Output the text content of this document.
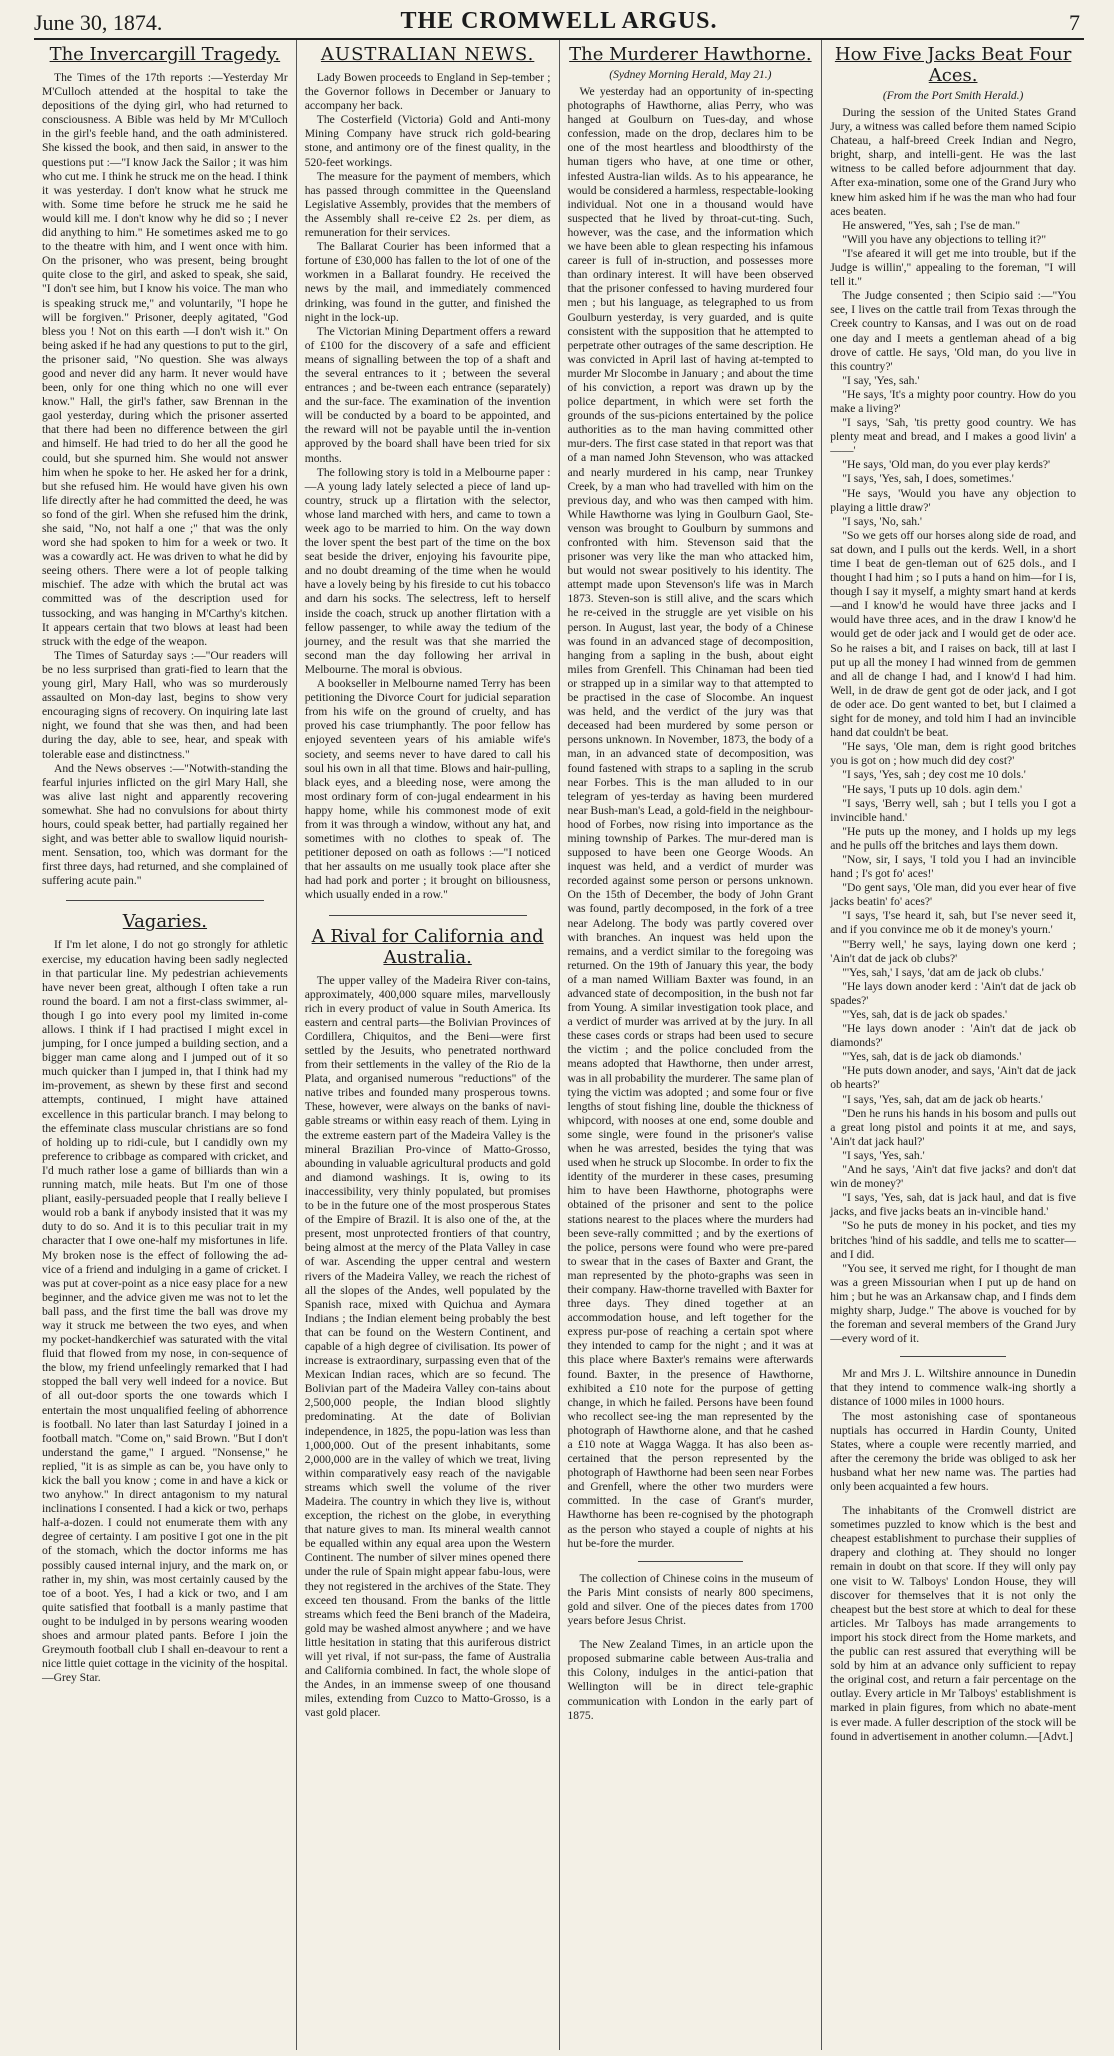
June 30, 1874.	THE CROMWELL ARGUS.	7
The Invercargill Tragedy.

The Times of the 17th reports :—Yesterday Mr M'Culloch attended at the hospital to take the depositions of the dying girl, who had returned to consciousness. A Bible was held by Mr M'Culloch in the girl's feeble hand, and the oath administered. She kissed the book, and then said, in answer to the questions put :—"I know Jack the Sailor ; it was him who cut me. I think he struck me on the head. I think it was yesterday. I don't know what he struck me with. Some time before he struck me he said he would kill me. I don't know why he did so ; I never did anything to him." He sometimes asked me to go to the theatre with him, and I went once with him. On the prisoner, who was present, being brought quite close to the girl, and asked to speak, she said, "I don't see him, but I know his voice. The man who is speaking struck me," and voluntarily, "I hope he will be forgiven." Prisoner, deeply agitated, "God bless you ! Not on this earth —I don't wish it." On being asked if he had any questions to put to the girl, the prisoner said, "No question. She was always good and never did any harm. It never would have been, only for one thing which no one will ever know." Hall, the girl's father, saw Brennan in the gaol yesterday, during which the prisoner asserted that there had been no difference between the girl and himself. He had tried to do her all the good he could, but she spurned him. She would not answer him when he spoke to her. He asked her for a drink, but she refused him. He would have given his own life directly after he had committed the deed, he was so fond of the girl. When she refused him the drink, she said, "No, not half a one ;" that was the only word she had spoken to him for a week or two. It was a cowardly act. He was driven to what he did by seeing others. There were a lot of people talking mischief. The adze with which the brutal act was committed was of the description used for tussocking, and was hanging in M'Carthy's kitchen. It appears certain that two blows at least had been struck with the edge of the weapon.

The Times of Saturday says :—"Our readers will be no less surprised than grati-fied to learn that the young girl, Mary Hall, who was so murderously assaulted on Mon-day last, begins to show very encouraging signs of recovery. On inquiring late last night, we found that she was then, and had been during the day, able to see, hear, and speak with tolerable ease and distinctness."

And the News observes :—"Notwith-standing the fearful injuries inflicted on the girl Mary Hall, she was alive last night and apparently recovering somewhat. She had no convulsions for about thirty hours, could speak better, had partially regained her sight, and was better able to swallow liquid nourish-ment. Sensation, too, which was dormant for the first three days, had returned, and she complained of suffering acute pain."

Vagaries.

If I'm let alone, I do not go strongly for athletic exercise, my education having been sadly neglected in that particular line. My pedestrian achievements have never been great, although I often take a run round the board. I am not a first-class swimmer, al-though I go into every pool my limited in-come allows. I think if I had practised I might excel in jumping, for I once jumped a building section, and a bigger man came along and I jumped out of it so much quicker than I jumped in, that I think had my im-provement, as shewn by these first and second attempts, continued, I might have attained excellence in this particular branch. I may belong to the effeminate class muscular christians are so fond of holding up to ridi-cule, but I candidly own my preference to cribbage as compared with cricket, and I'd much rather lose a game of billiards than win a running match, mile heats. But I'm one of those pliant, easily-persuaded people that I really believe I would rob a bank if anybody insisted that it was my duty to do so. And it is to this peculiar trait in my character that I owe one-half my misfortunes in life. My broken nose is the effect of following the ad-vice of a friend and indulging in a game of cricket. I was put at cover-point as a nice easy place for a new beginner, and the advice given me was not to let the ball pass, and the first time the ball was drove my way it struck me between the two eyes, and when my pocket-handkerchief was saturated with the vital fluid that flowed from my nose, in con-sequence of the blow, my friend unfeelingly remarked that I had stopped the ball very well indeed for a novice. But of all out-door sports the one towards which I entertain the most unqualified feeling of abhorrence is football. No later than last Saturday I joined in a football match. "Come on," said Brown. "But I don't understand the game," I argued. "Nonsense," he replied, "it is as simple as can be, you have only to kick the ball you know ; come in and have a kick or two anyhow." In direct antagonism to my natural inclinations I consented. I had a kick or two, perhaps half-a-dozen. I could not enumerate them with any degree of certainty. I am positive I got one in the pit of the stomach, which the doctor informs me has possibly caused internal injury, and the mark on, or rather in, my shin, was most certainly caused by the toe of a boot. Yes, I had a kick or two, and I am quite satisfied that football is a manly pastime that ought to be indulged in by persons wearing wooden shoes and armour plated pants. Before I join the Greymouth football club I shall en-deavour to rent a nice little quiet cottage in the vicinity of the hospital.—Grey Star.

AUSTRALIAN NEWS.

Lady Bowen proceeds to England in Sep-tember ; the Governor follows in December or January to accompany her back.

The Costerfield (Victoria) Gold and Anti-mony Mining Company have struck rich gold-bearing stone, and antimony ore of the finest quality, in the 520-feet workings.

The measure for the payment of members, which has passed through committee in the Queensland Legislative Assembly, provides that the members of the Assembly shall re-ceive £2 2s. per diem, as remuneration for their services.

The Ballarat Courier has been informed that a fortune of £30,000 has fallen to the lot of one of the workmen in a Ballarat foundry. He received the news by the mail, and immediately commenced drinking, was found in the gutter, and finished the night in the lock-up.

The Victorian Mining Department offers a reward of £100 for the discovery of a safe and efficient means of signalling between the top of a shaft and the several entrances to it ; between the several entrances ; and be-tween each entrance (separately) and the sur-face. The examination of the invention will be conducted by a board to be appointed, and the reward will not be payable until the in-vention approved by the board shall have been tried for six months.

The following story is told in a Melbourne paper :—A young lady lately selected a piece of land up-country, struck up a flirtation with the selector, whose land marched with hers, and came to town a week ago to be married to him. On the way down the lover spent the best part of the time on the box seat beside the driver, enjoying his favourite pipe, and no doubt dreaming of the time when he would have a lovely being by his fireside to cut his tobacco and darn his socks. The selectress, left to herself inside the coach, struck up another flirtation with a fellow passenger, to while away the tedium of the journey, and the result was that she married the second man the day following her arrival in Melbourne. The moral is obvious.

A bookseller in Melbourne named Terry has been petitioning the Divorce Court for judicial separation from his wife on the ground of cruelty, and has proved his case triumphantly. The poor fellow has enjoyed seventeen years of his amiable wife's society, and seems never to have dared to call his soul his own in all that time. Blows and hair-pulling, black eyes, and a bleeding nose, were among the most ordinary form of con-jugal endearment in his happy home, while his commonest mode of exit from it was through a window, without any hat, and sometimes with no clothes to speak of. The petitioner deposed on oath as follows :—"I noticed that her assaults on me usually took place after she had had pork and porter ; it brought on biliousness, which usually ended in a row."

A Rival for California and Australia.

The upper valley of the Madeira River con-tains, approximately, 400,000 square miles, marvellously rich in every product of value in South America. Its eastern and central parts—the Bolivian Provinces of Cordillera, Chiquitos, and the Beni—were first settled by the Jesuits, who penetrated northward from their settlements in the valley of the Rio de la Plata, and organised numerous "reductions" of the native tribes and founded many prosperous towns. These, however, were always on the banks of navi-gable streams or within easy reach of them. Lying in the extreme eastern part of the Madeira Valley is the mineral Brazilian Pro-vince of Matto-Grosso, abounding in valuable agricultural products and gold and diamond washings. It is, owing to its inaccessibility, very thinly populated, but promises to be in the future one of the most prosperous States of the Empire of Brazil. It is also one of the, at the present, most unprotected frontiers of that country, being almost at the mercy of the Plata Valley in case of war. Ascending the upper central and western rivers of the Madeira Valley, we reach the richest of all the slopes of the Andes, well populated by the Spanish race, mixed with Quichua and Aymara Indians ; the Indian element being probably the best that can be found on the Western Continent, and capable of a high degree of civilisation. Its power of increase is extraordinary, surpassing even that of the Mexican Indian races, which are so fecund. The Bolivian part of the Madeira Valley con-tains about 2,500,000 people, the Indian blood slightly predominating. At the date of Bolivian independence, in 1825, the popu-lation was less than 1,000,000. Out of the present inhabitants, some 2,000,000 are in the valley of which we treat, living within comparatively easy reach of the navigable streams which swell the volume of the river Madeira. The country in which they live is, without exception, the richest on the globe, in everything that nature gives to man. Its mineral wealth cannot be equalled within any equal area upon the Western Continent. The number of silver mines opened there under the rule of Spain might appear fabu-lous, were they not registered in the archives of the State. They exceed ten thousand. From the banks of the little streams which feed the Beni branch of the Madeira, gold may be washed almost anywhere ; and we have little hesitation in stating that this auriferous district will yet rival, if not sur-pass, the fame of Australia and California combined. In fact, the whole slope of the Andes, in an immense sweep of one thousand miles, extending from Cuzco to Matto-Grosso, is a vast gold placer.

The Murderer Hawthorne.
(Sydney Morning Herald, May 21.)

We yesterday had an opportunity of in-specting photographs of Hawthorne, alias Perry, who was hanged at Goulburn on Tues-day, and whose confession, made on the drop, declares him to be one of the most heartless and bloodthirsty of the human tigers who have, at one time or other, infested Austra-lian wilds. As to his appearance, he would be considered a harmless, respectable-looking individual. Not one in a thousand would have suspected that he lived by throat-cut-ting. Such, however, was the case, and the information which we have been able to glean respecting his infamous career is full of in-struction, and possesses more than ordinary interest. It will have been observed that the prisoner confessed to having murdered four men ; but his language, as telegraphed to us from Goulburn yesterday, is very guarded, and is quite consistent with the supposition that he attempted to perpetrate other outrages of the same description. He was convicted in April last of having at-tempted to murder Mr Slocombe in January ; and about the time of his conviction, a report was drawn up by the police department, in which were set forth the grounds of the sus-picions entertained by the police authorities as to the man having committed other mur-ders. The first case stated in that report was that of a man named John Stevenson, who was attacked and nearly murdered in his camp, near Trunkey Creek, by a man who had travelled with him on the previous day, and who was then camped with him. While Hawthorne was lying in Goulburn Gaol, Ste-venson was brought to Goulburn by summons and confronted with him. Stevenson said that the prisoner was very like the man who attacked him, but would not swear positively to his identity. The attempt made upon Stevenson's life was in March 1873. Steven-son is still alive, and the scars which he re-ceived in the struggle are yet visible on his person. In August, last year, the body of a Chinese was found in an advanced stage of decomposition, hanging from a sapling in the bush, about eight miles from Grenfell. This Chinaman had been tied or strapped up in a similar way to that attempted to be practised in the case of Slocombe. An inquest was held, and the verdict of the jury was that deceased had been murdered by some person or persons unknown. In November, 1873, the body of a man, in an advanced state of decomposition, was found fastened with straps to a sapling in the scrub near Forbes. This is the man alluded to in our telegram of yes-terday as having been murdered near Bush-man's Lead, a gold-field in the neighbour-hood of Forbes, now rising into importance as the mining township of Parkes. The mur-dered man is supposed to have been one George Woods. An inquest was held, and a verdict of murder was recorded against some person or persons unknown. On the 15th of December, the body of John Grant was found, partly decomposed, in the fork of a tree near Adelong. The body was partly covered over with branches. An inquest was held upon the remains, and a verdict similar to the foregoing was returned. On the 19th of January this year, the body of a man named William Baxter was found, in an advanced state of decomposition, in the bush not far from Young. A similar investigation took place, and a verdict of murder was arrived at by the jury. In all these cases cords or straps had been used to secure the victim ; and the police concluded from the means adopted that Hawthorne, then under arrest, was in all probability the murderer. The same plan of tying the victim was adopted ; and some four or five lengths of stout fishing line, double the thickness of whipcord, with nooses at one end, some double and some single, were found in the prisoner's valise when he was arrested, besides the tying that was used when he struck up Slocombe. In order to fix the identity of the murderer in these cases, presuming him to have been Hawthorne, photographs were obtained of the prisoner and sent to the police stations nearest to the places where the murders had been seve-rally committed ; and by the exertions of the police, persons were found who were pre-pared to swear that in the cases of Baxter and Grant, the man represented by the photo-graphs was seen in their company. Haw-thorne travelled with Baxter for three days. They dined together at an accommodation house, and left together for the express pur-pose of reaching a certain spot where they intended to camp for the night ; and it was at this place where Baxter's remains were afterwards found. Baxter, in the presence of Hawthorne, exhibited a £10 note for the purpose of getting change, in which he failed. Persons have been found who recollect see-ing the man represented by the photograph of Hawthorne alone, and that he cashed a £10 note at Wagga Wagga. It has also been as-certained that the person represented by the photograph of Hawthorne had been seen near Forbes and Grenfell, where the other two murders were committed. In the case of Grant's murder, Hawthorne has been re-cognised by the photograph as the person who stayed a couple of nights at his hut be-fore the murder.

The collection of Chinese coins in the museum of the Paris Mint consists of nearly 800 specimens, gold and silver. One of the pieces dates from 1700 years before Jesus Christ.

The New Zealand Times, in an article upon the proposed submarine cable between Aus-tralia and this Colony, indulges in the antici-pation that Wellington will be in direct tele-graphic communication with London in the early part of 1875.

How Five Jacks Beat Four Aces.
(From the Port Smith Herald.)

During the session of the United States Grand Jury, a witness was called before them named Scipio Chateau, a half-breed Creek Indian and Negro, bright, sharp, and intelli-gent. He was the last witness to be called before adjournment that day. After exa-mination, some one of the Grand Jury who knew him asked him if he was the man who had four aces beaten.

He answered, "Yes, sah ; I'se de man."

"Will you have any objections to telling it?"

"I'se afeared it will get me into trouble, but if the Judge is willin'," appealing to the foreman, "I will tell it."

The Judge consented ; then Scipio said :—"You see, I lives on the cattle trail from Texas through the Creek country to Kansas, and I was out on de road one day and I meets a gentleman ahead of a big drove of cattle. He says, 'Old man, do you live in this country?'

"I say, 'Yes, sah.'

"He says, 'It's a mighty poor country. How do you make a living?'

"I says, 'Sah, 'tis pretty good country. We has plenty meat and bread, and I makes a good livin' a——'

"He says, 'Old man, do you ever play kerds?'

"I says, 'Yes, sah, I does, sometimes.'

"He says, 'Would you have any objection to playing a little draw?'

"I says, 'No, sah.'

"So we gets off our horses along side de road, and sat down, and I pulls out the kerds. Well, in a short time I beat de gen-tleman out of 625 dols., and I thought I had him ; so I puts a hand on him—for I is, though I say it myself, a mighty smart hand at kerds—and I know'd he would have three jacks and I would have three aces, and in the draw I know'd he would get de oder jack and I would get de oder ace. So he raises a bit, and I raises on back, till at last I put up all the money I had winned from de gemmen and all de change I had, and I know'd I had him. Well, in de draw de gent got de oder jack, and I got de oder ace. Do gent wanted to bet, but I claimed a sight for de money, and told him I had an invincible hand dat couldn't be beat.

"He says, 'Ole man, dem is right good britches you is got on ; how much did dey cost?'

"I says, 'Yes, sah ; dey cost me 10 dols.'

"He says, 'I puts up 10 dols. agin dem.'

"I says, 'Berry well, sah ; but I tells you I got a invincible hand.'

"He puts up the money, and I holds up my legs and he pulls off the britches and lays them down.

"Now, sir, I says, 'I told you I had an invincible hand ; I's got fo' aces!'

"Do gent says, 'Ole man, did you ever hear of five jacks beatin' fo' aces?'

"I says, 'I'se heard it, sah, but I'se never seed it, and if you convince me ob it de money's yourn.'

"'Berry well,' he says, laying down one kerd ; 'Ain't dat de jack ob clubs?'

"'Yes, sah,' I says, 'dat am de jack ob clubs.'

"He lays down anoder kerd : 'Ain't dat de jack ob spades?'

"'Yes, sah, dat is de jack ob spades.'

"He lays down anoder : 'Ain't dat de jack ob diamonds?'

"'Yes, sah, dat is de jack ob diamonds.'

"He puts down anoder, and says, 'Ain't dat de jack ob hearts?'

"I says, 'Yes, sah, dat am de jack ob hearts.'

"Den he runs his hands in his bosom and pulls out a great long pistol and points it at me, and says, 'Ain't dat jack haul?'

"I says, 'Yes, sah.'

"And he says, 'Ain't dat five jacks? and don't dat win de money?'

"I says, 'Yes, sah, dat is jack haul, and dat is five jacks, and five jacks beats an in-vincible hand.'

"So he puts de money in his pocket, and ties my britches 'hind of his saddle, and tells me to scatter—and I did.

"You see, it served me right, for I thought de man was a green Missourian when I put up de hand on him ; but he was an Arkansaw chap, and I finds dem mighty sharp, Judge." The above is vouched for by the foreman and several members of the Grand Jury—every word of it.

Mr and Mrs J. L. Wiltshire announce in Dunedin that they intend to commence walk-ing shortly a distance of 1000 miles in 1000 hours.

The most astonishing case of spontaneous nuptials has occurred in Hardin County, United States, where a couple were recently married, and after the ceremony the bride was obliged to ask her husband what her new name was. The parties had only been acquainted a few hours.

The inhabitants of the Cromwell district are sometimes puzzled to know which is the best and cheapest establishment to purchase their supplies of drapery and clothing at. They should no longer remain in doubt on that score. If they will only pay one visit to W. Talboys' London House, they will discover for themselves that it is not only the cheapest but the best store at which to deal for these articles. Mr Talboys has made arrangements to import his stock direct from the Home markets, and the public can rest assured that everything will be sold by him at an advance only sufficient to repay the original cost, and return a fair percentage on the outlay. Every article in Mr Talboys' establishment is marked in plain figures, from which no abate-ment is ever made. A fuller description of the stock will be found in advertisement in another column.—[Advt.]
